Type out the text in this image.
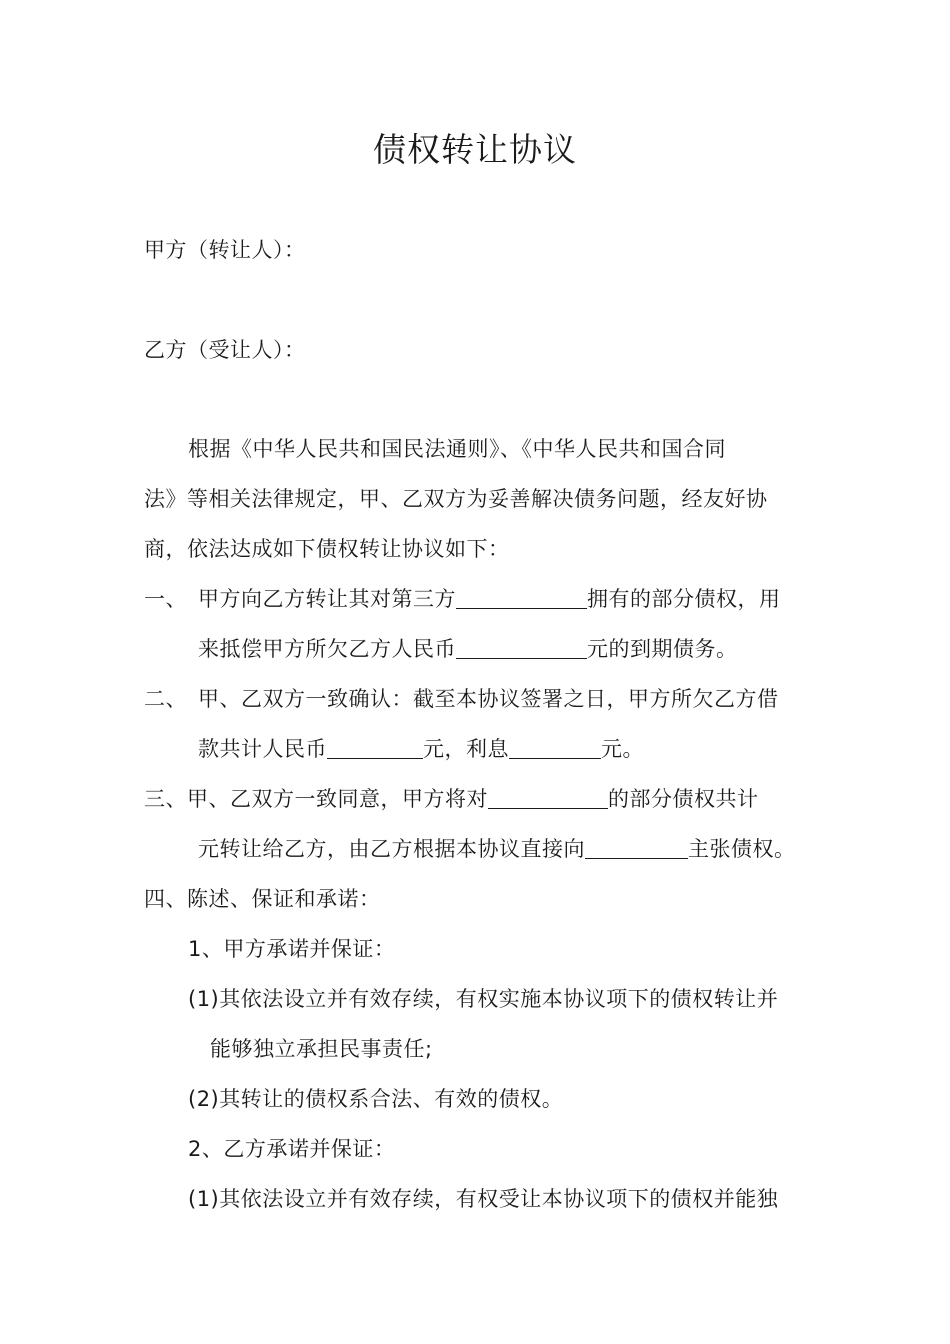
债权转让协议
甲方（转让人）：
乙方（受让人）：
根据《中华人民共和国民法通则》、《中华人民共和国合同
法》等相关法律规定，甲、乙双方为妥善解决债务问题，经友好协
商，依法达成如下债权转让协议如下：
一、 甲方向乙方转让其对第三方	拥有的部分债权，用
来抵偿甲方所欠乙方人民币	元的到期债务。
二、 甲、乙双方一致确认：截至本协议签署之日，甲方所欠乙方借
款共计人民币	元，利息	元。
三、甲、乙双方一致同意，甲方将对	的部分债权共计
元转让给乙方，由乙方根据本协议直接向	主张债权。
四、陈述、保证和承诺：
1、甲方承诺并保证：
(1)其依法设立并有效存续，有权实施本协议项下的债权转让并
能够独立承担民事责任;
(2)其转让的债权系合法、有效的债权。
2、乙方承诺并保证：
(1)其依法设立并有效存续，有权受让本协议项下的债权并能独
